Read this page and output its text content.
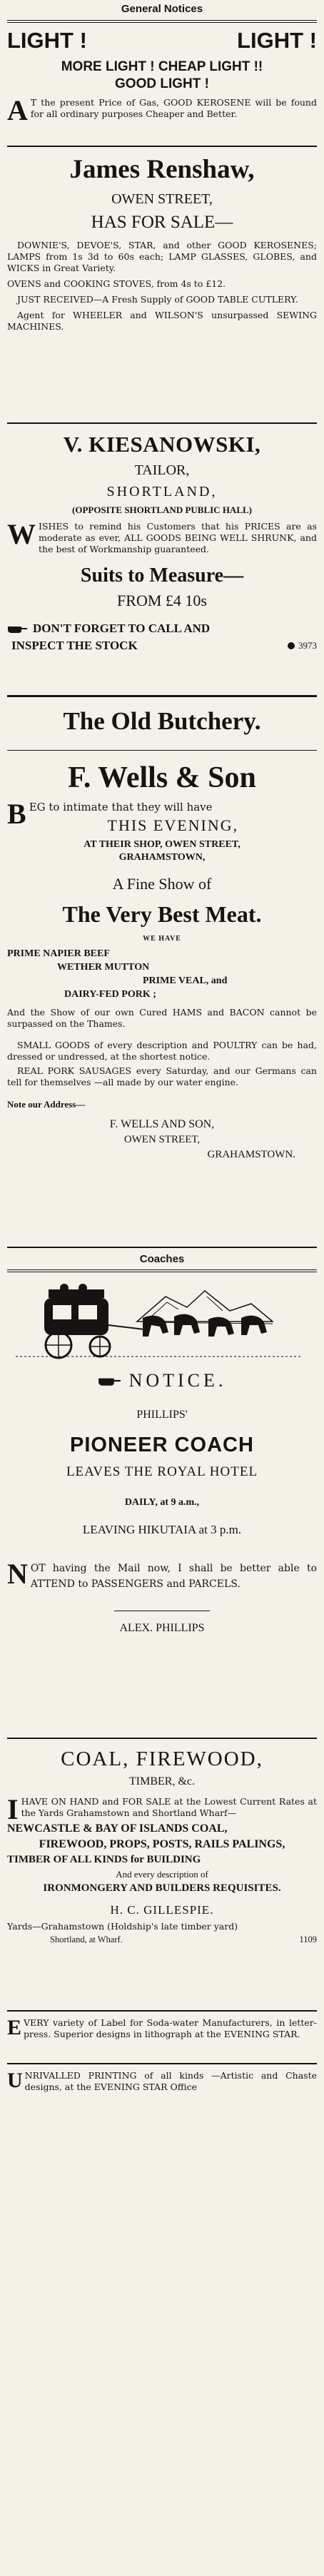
General Notices
LIGHT !	LIGHT !
MORE LIGHT ! CHEAP LIGHT !!
GOOD LIGHT !

A T the present Price of Gas, GOOD KEROSENE will be found for all ordinary purposes Cheaper and Better.

James Renshaw,
OWEN STREET,
HAS FOR SALE—

DOWNIE'S, DEVOE'S, STAR, and other GOOD KEROSENES; LAMPS from 1s 3d to 60s each; LAMP GLASSES, GLOBES, and WICKS in Great Variety.

OVENS and COOKING STOVES, from 4s to £12.

JUST RECEIVED—A Fresh Supply of GOOD TABLE CUTLERY.

Agent for WHEELER and WILSON'S unsurpassed SEWING MACHINES.

V. KIESANOWSKI,
TAILOR,
SHORTLAND,
(OPPOSITE SHORTLAND PUBLIC HALL)

WISHES to remind his Customers that his PRICES are as moderate as ever, ALL GOODS BEING WELL SHRUNK, and the best of Workmanship guaranteed.

Suits to Measure—
FROM £4 10s
DON'T FORGET TO CALL AND
INSPECT THE STOCK	3973
The Old Butchery.
F. Wells & Son

BEG to intimate that they will have

THIS EVENING,
AT THEIR SHOP, OWEN STREET,
GRAHAMSTOWN,
A Fine Show of
The Very Best Meat.
WE HAVE
PRIME NAPIER BEEF
WETHER MUTTON
PRIME VEAL, and
DAIRY-FED PORK ;

And the Show of our own Cured HAMS and BACON cannot be surpassed on the Thames.

SMALL GOODS of every description and POULTRY can be had, dressed or undressed, at the shortest notice.

REAL PORK SAUSAGES every Saturday, and our Germans can tell for themselves —all made by our water engine.

Note our Address—
F. WELLS AND SON,
OWEN STREET,
GRAHAMSTOWN.
Coaches
NOTICE.
PHILLIPS'
PIONEER COACH
LEAVES THE ROYAL HOTEL
DAILY, at 9 a.m.,
LEAVING HIKUTAIA at 3 p.m.

NOT having the Mail now, I shall be better able to ATTEND to PASSENGERS and PARCELS.

ALEX. PHILLIPS
COAL, FIREWOOD,
TIMBER, &c.

IHAVE ON HAND and FOR SALE at the Lowest Current Rates at the Yards Grahamstown and Shortland Wharf—

NEWCASTLE & BAY OF ISLANDS COAL,
FIREWOOD, PROPS, POSTS, RAILS PALINGS,
TIMBER OF ALL KINDS for BUILDING
And every description of
IRONMONGERY AND BUILDERS REQUISITES.
H. C. GILLESPIE.

Yards—Grahamstown (Holdship's late timber yard)

Shortland, at Wharf.	1109

EVERY variety of Label for Soda-water Manufacturers, in letter-press. Superior designs in lithograph at the EVENING STAR.

UNRIVALLED PRINTING of all kinds —Artistic and Chaste designs, at the EVENING STAR Office
